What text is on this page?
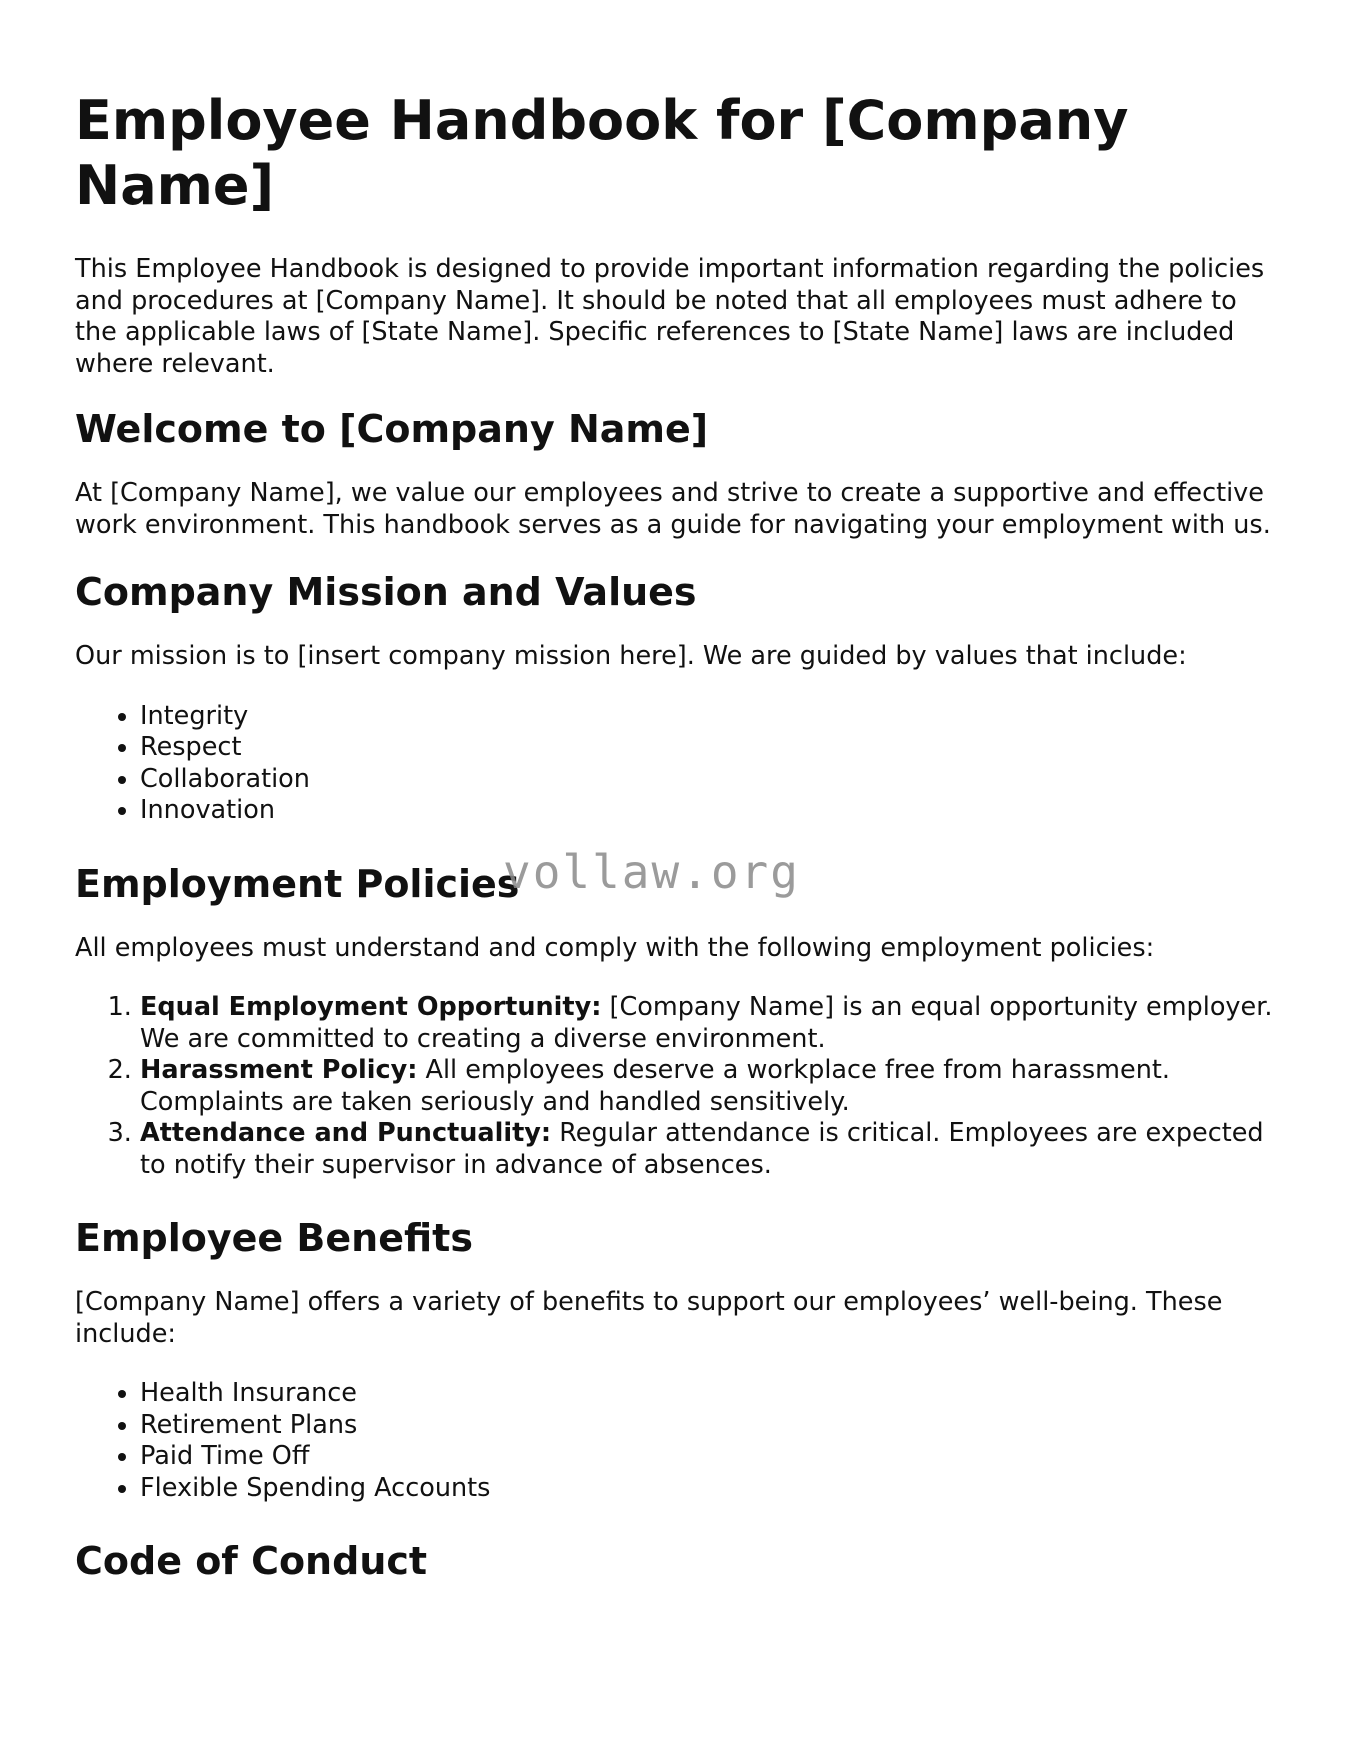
Employee Handbook for [Company Name]

This Employee Handbook is designed to provide important information regarding the policies and procedures at [Company Name]. It should be noted that all employees must adhere to the applicable laws of [State Name]. Specific references to [State Name] laws are included where relevant.

Welcome to [Company Name]

At [Company Name], we value our employees and strive to create a supportive and effective work environment. This handbook serves as a guide for navigating your employment with us.

Company Mission and Values

Our mission is to [insert company mission here]. We are guided by values that include:

• Integrity
• Respect
• Collaboration
• Innovation
Employment Policies

All employees must understand and comply with the following employment policies:

1. Equal Employment Opportunity: [Company Name] is an equal opportunity employer. We are committed to creating a diverse environment.
2. Harassment Policy: All employees deserve a workplace free from harassment. Complaints are taken seriously and handled sensitively.
3. Attendance and Punctuality: Regular attendance is critical. Employees are expected to notify their supervisor in advance of absences.
Employee Benefits

[Company Name] offers a variety of benefits to support our employees’ well-being. These include:

• Health Insurance
• Retirement Plans
• Paid Time Off
• Flexible Spending Accounts
Code of Conduct
vollaw.org
